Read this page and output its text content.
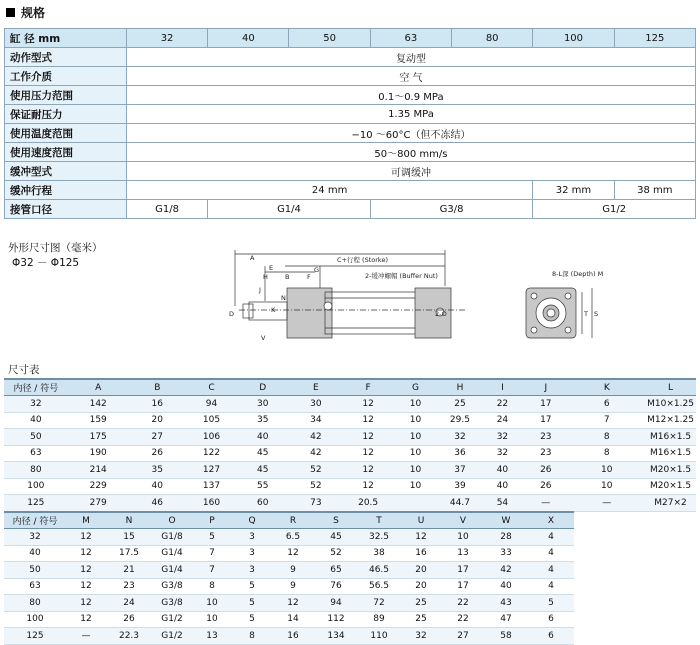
规格
缸 径 mm	32	40	50	63	80	100	125
动作型式	复动型						
工作介质	空 气						
使用压力范围	0.1～0.9 MPa						
保证耐压力	1.35 MPa						
使用温度范围	−10 ～60°C（但不冻结）						
使用速度范围	50～800 mm/s						
缓冲型式	可调缓冲						
缓冲行程	24 mm					32 mm	38 mm
接管口径	G1/8	G1/4		G3/8		G1/2	
外形尺寸图（毫米）
Φ32 － Φ125	C+行程 (Storke)
2-缓冲螺帽 (Buffer Nut)
A
E
H	B
J
G
F
V
K
N
D	2-O
8-L深 (Depth) M
T S
尺寸表
内径 / 符号	A	B	C	D	E	F	G	H	I	J	K	L
32	142	16	94	30	30	12	10	25	22	17	6	M10×1.25
40	159	20	105	35	34	12	10	29.5	24	17	7	M12×1.25
50	175	27	106	40	42	12	10	32	32	23	8	M16×1.5
63	190	26	122	45	42	12	10	36	32	23	8	M16×1.5
80	214	35	127	45	52	12	10	37	40	26	10	M20×1.5
100	229	40	137	55	52	12	10	39	40	26	10	M20×1.5
125	279	46	160	60	73	20.5		44.7	54	—	—	M27×2
内径 / 符号	M	N	O	P	Q	R	S	T	U	V	W	X
32	12	15	G1/8	5	3	6.5	45	32.5	12	10	28	4
40	12	17.5	G1/4	7	3	12	52	38	16	13	33	4
50	12	21	G1/4	7	3	9	65	46.5	20	17	42	4
63	12	23	G3/8	8	5	9	76	56.5	20	17	40	4
80	12	24	G3/8	10	5	12	94	72	25	22	43	5
100	12	26	G1/2	10	5	14	112	89	25	22	47	6
125	—	22.3	G1/2	13	8	16	134	110	32	27	58	6
